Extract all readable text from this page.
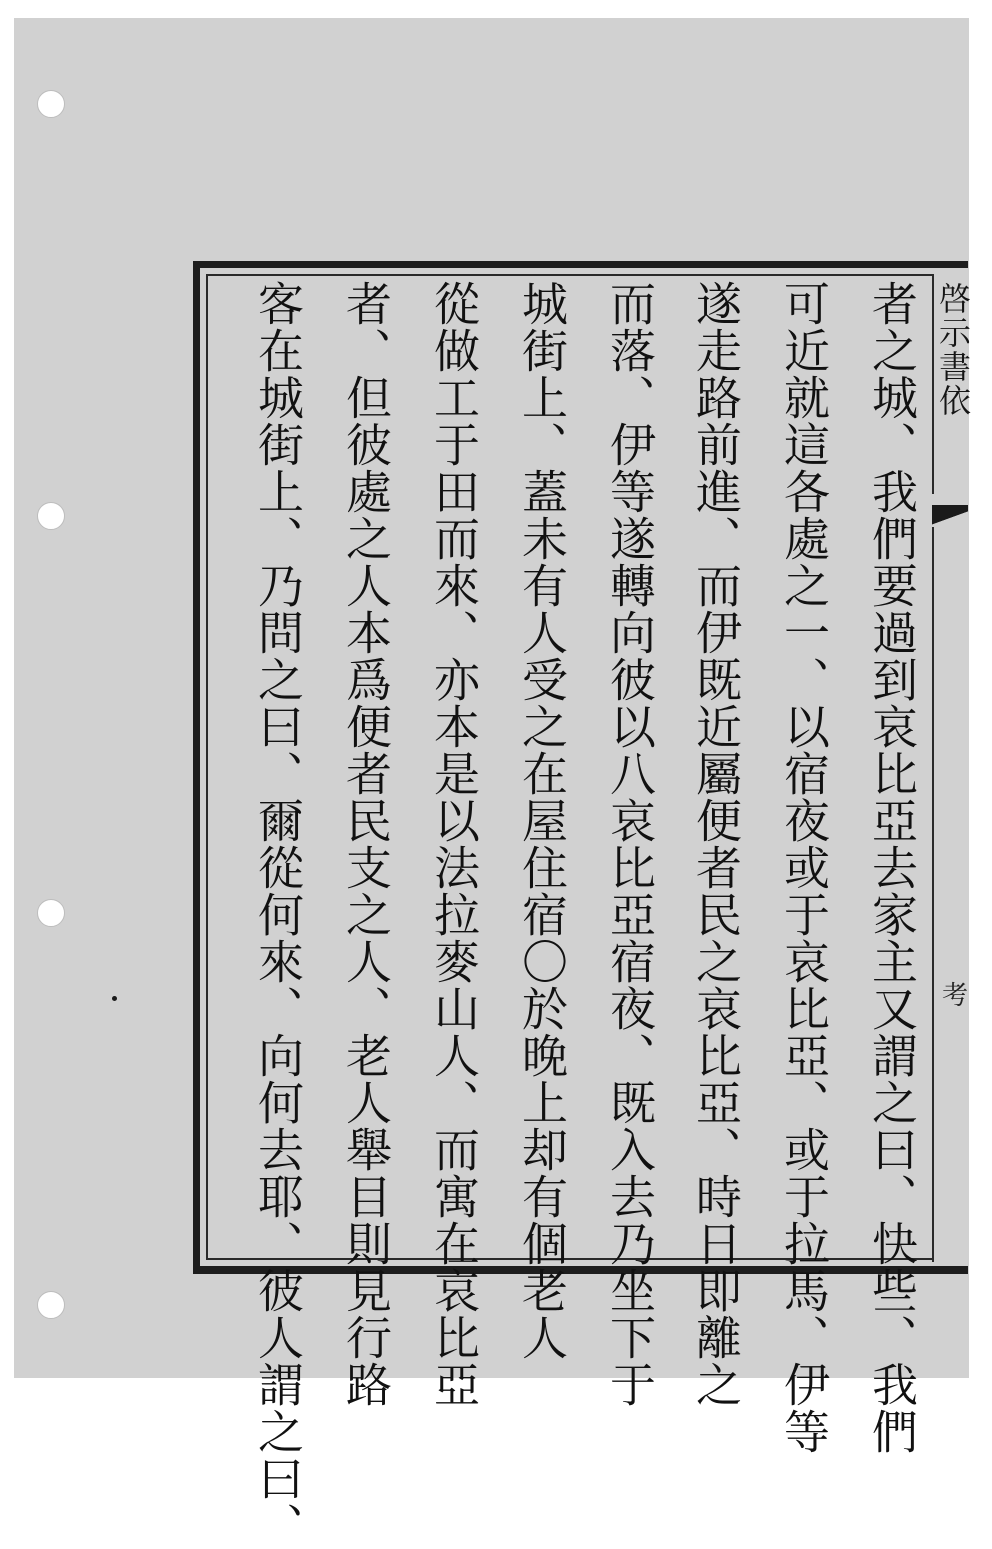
啓示書依
考
者之城、我們要過到哀比亞去家主又謂之曰、快些、我們
可近就這各處之一、以宿夜或于哀比亞、或于拉馬、伊等
遂走路前進、而伊既近屬便者民之哀比亞、時日即離之
而落、伊等遂轉向彼以八哀比亞宿夜、既入去乃坐下于
城街上、蓋未有人受之在屋住宿〇於晚上却有個老人
從做工于田而來、亦本是以法拉麥山人、而寓在哀比亞
者、但彼處之人本爲便者民支之人、老人舉目則見行路
客在城街上、乃問之曰、爾從何來、向何去耶、彼人謂之曰、
